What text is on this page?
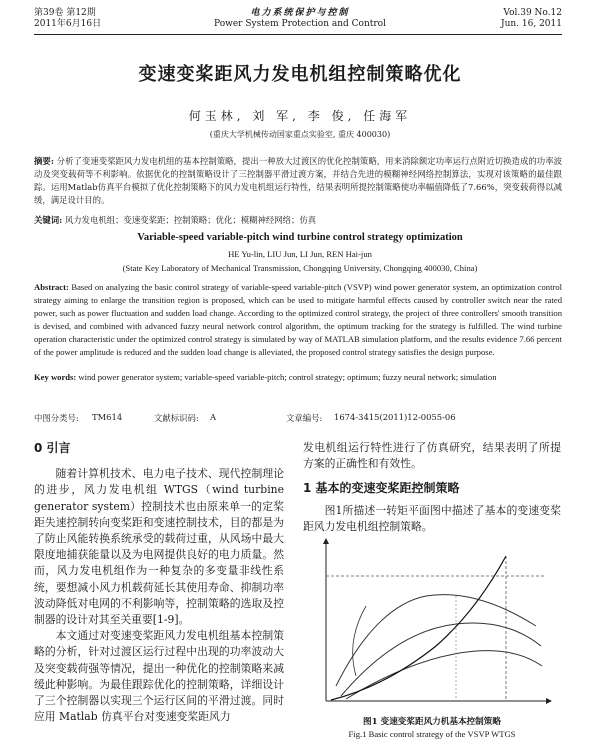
第39卷 第12期
2011年6月16日
电力系统保护与控制
Power System Protection and Control
Vol.39 No.12
Jun. 16, 2011
变速变桨距风力发电机组控制策略优化
何玉林, 刘 军, 李 俊, 任海军
(重庆大学机械传动国家重点实验室, 重庆 400030)
摘要: 分析了变速变桨距风力发电机组的基本控制策略，提出一种放大过渡区的优化控制策略，用来消除额定功率运行点附近切换造成的功率波动及突变载荷等不利影响。依据优化的控制策略设计了三控制器平滑过渡方案，并结合先进的模糊神经网络控制算法，实现对该策略的最佳跟踪。运用Matlab仿真平台模拟了优化控制策略下的风力发电机组运行特性，结果表明所提控制策略使功率幅值降低了7.66%，突变载荷得以减缓，满足设计目的。
关键词: 风力发电机组；变速变桨距；控制策略；优化；模糊神经网络；仿真
Variable-speed variable-pitch wind turbine control strategy optimization
HE Yu-lin, LIU Jun, LI Jun, REN Hai-jun
(State Key Laboratory of Mechanical Transmission, Chongqing University, Chongqing 400030, China)
Abstract: Based on analyzing the basic control strategy of variable-speed variable-pitch (VSVP) wind power generator system, an optimization control strategy aiming to enlarge the transition region is proposed, which can be used to mitigate harmful effects caused by controller switch near the rated power, such as power fluctuation and sudden load change. According to the optimized control strategy, the project of three controllers' smooth transition is devised, and combined with advanced fuzzy neural network control algorithm, the optimum tracking for the strategy is fulfilled. The wind turbine operation characteristic under the optimized control strategy is simulated by way of MATLAB simulation platform, and the results evidence 7.66 percent of the power amplitude is reduced and the sudden load change is alleviated, the proposed control strategy satisfies the design purpose.
Key words: wind power generator system; variable-speed variable-pitch; control strategy; optimum; fuzzy neural network; simulation
中图分类号: TM614	文献标识码: A	文章编号: 1674-3415(2011)12-0055-06
0 引言

随着计算机技术、电力电子技术、现代控制理论的进步，风力发电机组 WTGS（wind turbine generator system）控制技术也由原来单一的定桨距失速控制转向变桨距和变速控制技术，目的都是为了防止风能转换系统承受的载荷过重，从风场中最大限度地捕获能量以及为电网提供良好的电力质量。然而，风力发电机组作为一种复杂的多变量非线性系统，要想减小风力机载荷延长其使用寿命、抑制功率波动降低对电网的不利影响等，控制策略的选取及控制器的设计对其至关重要[1-9]。

本文通过对变速变桨距风力发电机组基本控制策略的分析，针对过渡区运行过程中出现的功率波动大及突变载荷强等情况，提出一种优化的控制策略来减缓此种影响。为最佳跟踪优化的控制策略，详细设计了三个控制器以实现三个运行区间的平滑过渡。同时应用 Matlab 仿真平台对变速变桨距风力

发电机组运行特性进行了仿真研究，结果表明了所提方案的正确性和有效性。

1 基本的变速变桨距控制策略

图1所描述一转矩平面图中描述了基本的变速变桨距风力发电机组控制策略。

图1 变速变桨距风力机基本控制策略
Fig.1 Basic control strategy of the VSVP WTGS
